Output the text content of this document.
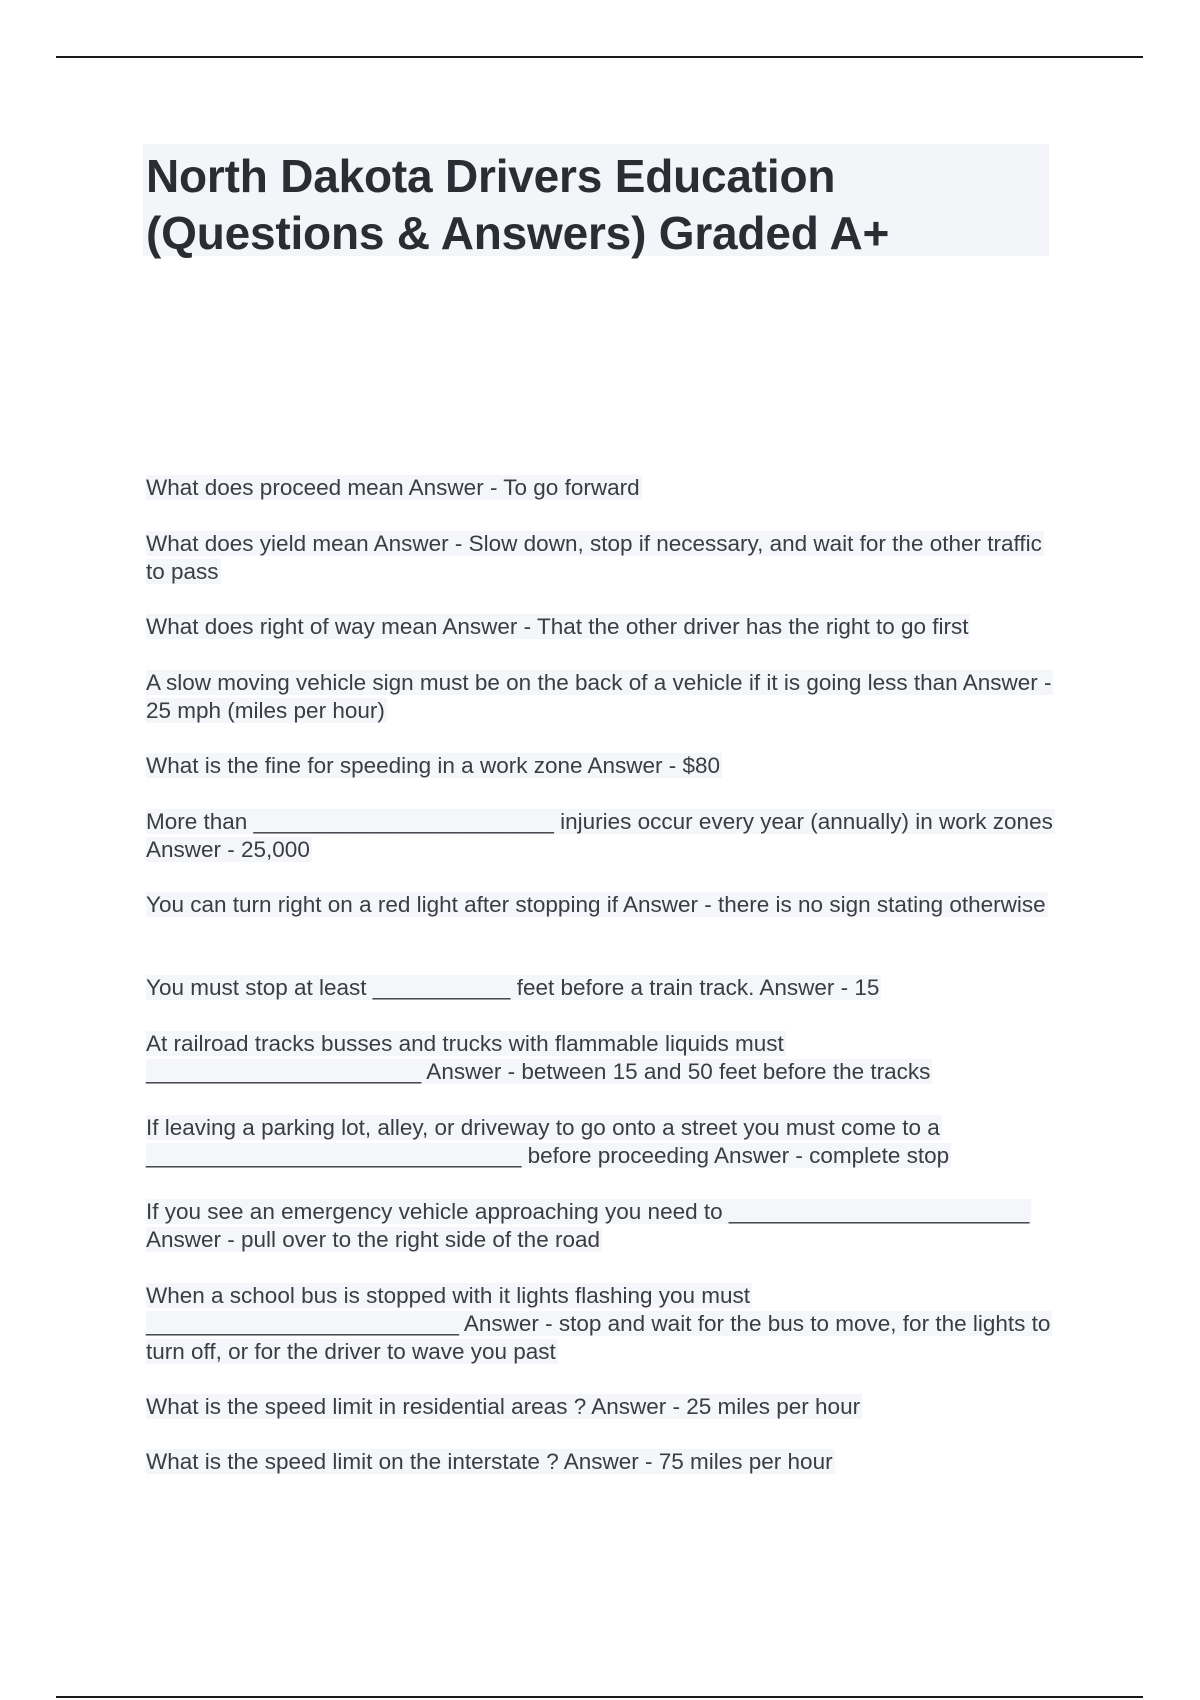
North Dakota Drivers Education (Questions & Answers) Graded A+
What does proceed mean Answer - To go forward
What does yield mean Answer - Slow down, stop if necessary, and wait for the other traffic to pass
What does right of way mean Answer - That the other driver has the right to go first
A slow moving vehicle sign must be on the back of a vehicle if it is going less than Answer - 25 mph (miles per hour)
What is the fine for speeding in a work zone Answer - $80
More than ________________________ injuries occur every year (annually) in work zones Answer - 25,000
You can turn right on a red light after stopping if Answer - there is no sign stating otherwise
You must stop at least ___________ feet before a train track. Answer - 15
At railroad tracks busses and trucks with flammable liquids must ______________________ Answer - between 15 and 50 feet before the tracks
If leaving a parking lot, alley, or driveway to go onto a street you must come to a ______________________________ before proceeding Answer - complete stop
If you see an emergency vehicle approaching you need to ________________________ Answer - pull over to the right side of the road
When a school bus is stopped with it lights flashing you must _________________________ Answer - stop and wait for the bus to move, for the lights to turn off, or for the driver to wave you past
What is the speed limit in residential areas ? Answer - 25 miles per hour
What is the speed limit on the interstate ? Answer - 75 miles per hour
